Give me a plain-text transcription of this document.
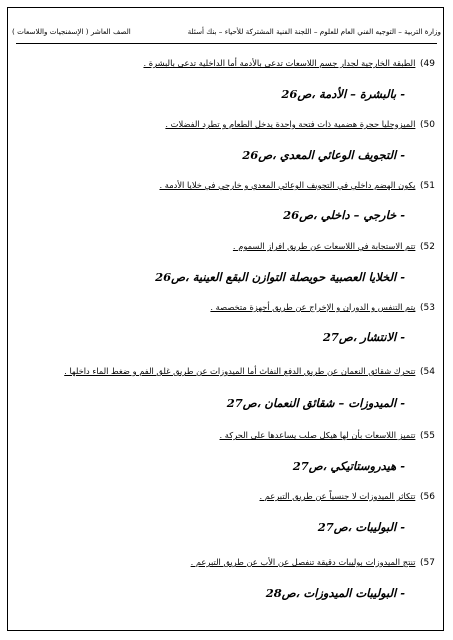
وزارة التربية – التوجيه الفني العام للعلوم – اللجنة الفنية المشتركة للأحياء – بنك أسئلة
الصف العاشر ( الإسفنجيات واللاسعات )
49) الطبقة الخارجية لجدار جسم اللاسعات تدعى بالأدمة أما الداخلية تدعى بالبشرة .
- بالبشرة – الأدمة ،ص26
50) الميزوجليا حجرة هضمية ذات فتحة واحدة يدخل الطعام و تطرد الفضلات .
- التجويف الوعائي المعدي ،ص26
51) يكون الهضم داخلي في التجويف الوعائي المعدي و خارجي في خلايا الأدمة .
- خارجي – داخلي ،ص26
52) تتم الاستجابة في اللاسعات عن طريق افراز السموم .
- الخلايا العصبية حويصلة التوازن البقع العينية ،ص26
53) يتم التنفس و الدوران و الإخراج عن طريق أجهزة متخصصة .
- الانتشار ،ص27
54) تتحرك شقائق النعمان عن طريق الدفع النفاث أما الميدوزات عن طريق غلق الفم و ضغط الماء داخلها .
- الميدوزات – شقائق النعمان ،ص27
55) تتميز اللاسعات بأن لها هيكل صلب يساعدها على الحركة .
- هيدروستاتيكي ،ص27
56) تتكاثر الميدوزات لا جنسياً عن طريق التبرعم .
- البوليبات ،ص27
57) تنتج الميدوزات بوليبات دقيقة تنفصل عن الأب عن طريق التبرعم .
- البوليبات الميدوزات ،ص28
